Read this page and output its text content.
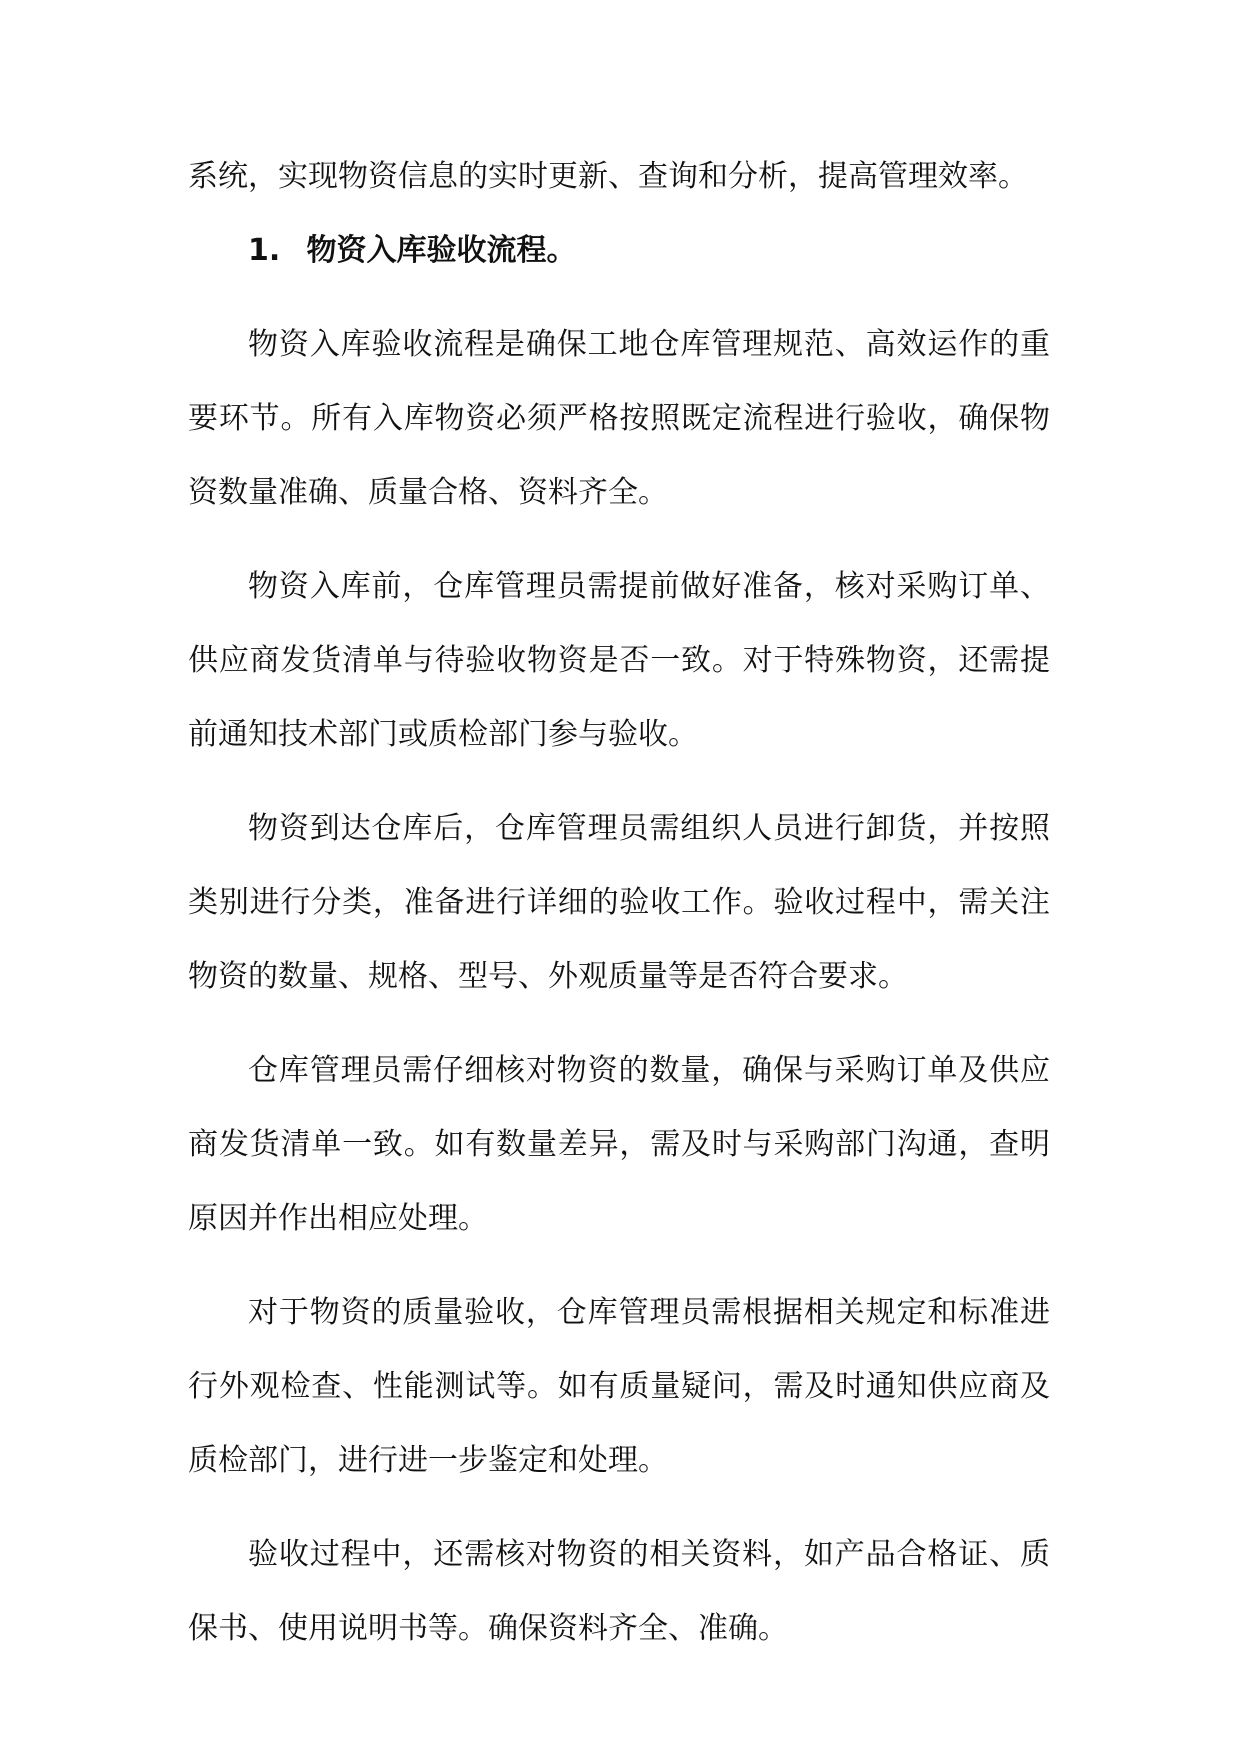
系统，实现物资信息的实时更新、查询和分析，提高管理效率。

1. 物资入库验收流程。

物资入库验收流程是确保工地仓库管理规范、高效运作的重要环节。所有入库物资必须严格按照既定流程进行验收，确保物资数量准确、质量合格、资料齐全。

物资入库前，仓库管理员需提前做好准备，核对采购订单、供应商发货清单与待验收物资是否一致。对于特殊物资，还需提前通知技术部门或质检部门参与验收。

物资到达仓库后，仓库管理员需组织人员进行卸货，并按照类别进行分类，准备进行详细的验收工作。验收过程中，需关注物资的数量、规格、型号、外观质量等是否符合要求。

仓库管理员需仔细核对物资的数量，确保与采购订单及供应商发货清单一致。如有数量差异，需及时与采购部门沟通，查明原因并作出相应处理。

对于物资的质量验收，仓库管理员需根据相关规定和标准进行外观检查、性能测试等。如有质量疑问，需及时通知供应商及质检部门，进行进一步鉴定和处理。

验收过程中，还需核对物资的相关资料，如产品合格证、质保书、使用说明书等。确保资料齐全、准确。
